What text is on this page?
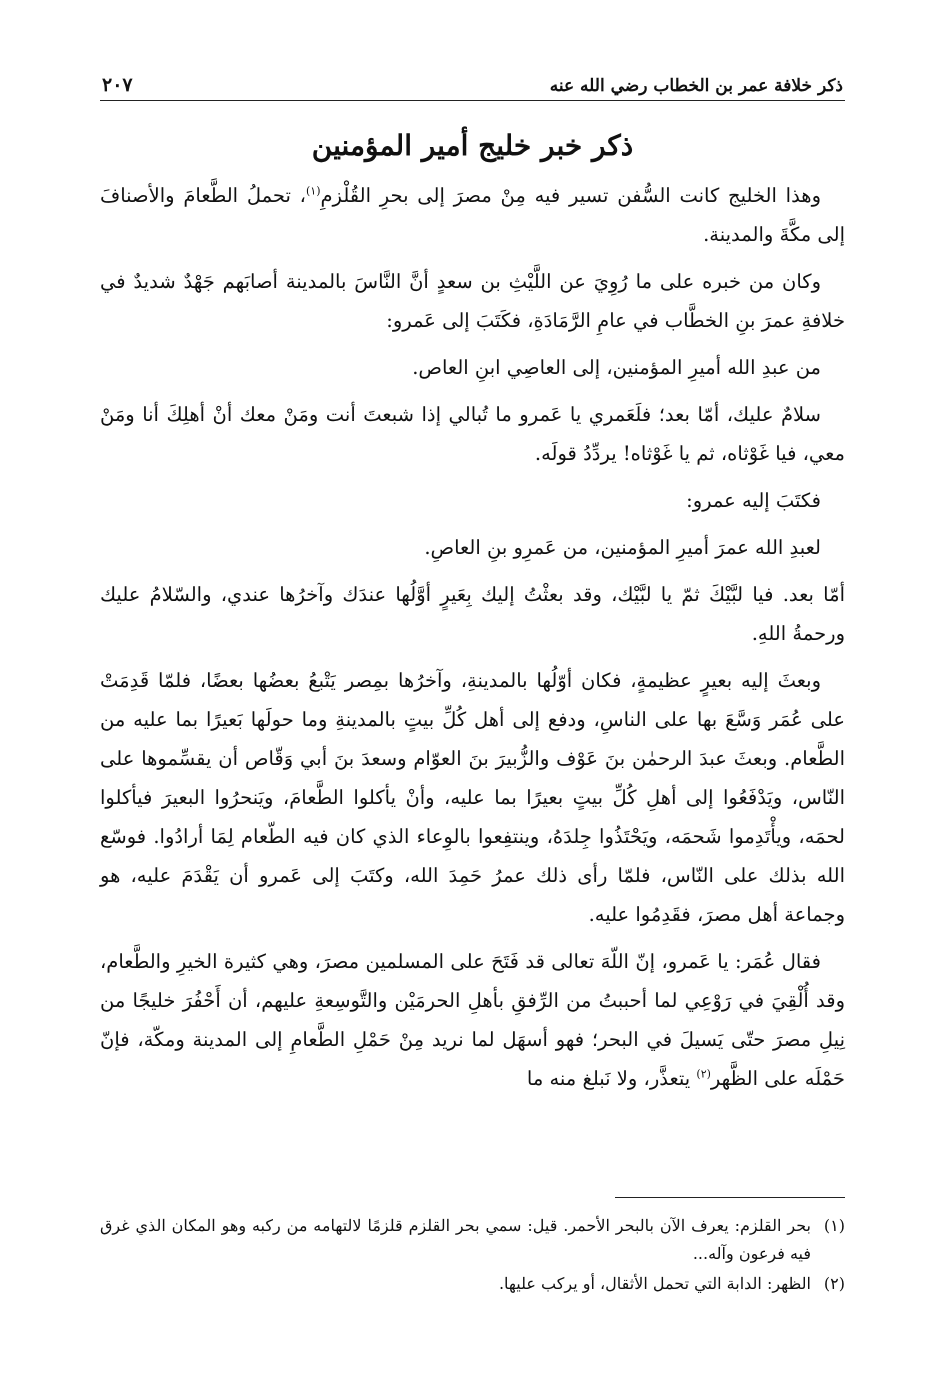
ذكر خلافة عمر بن الخطاب رضي الله عنه
٢٠٧
ذكر خبر خليج أمير المؤمنين

وهذا الخليج كانت السُّفن تسير فيه مِنْ مصرَ إلى بحرِ القُلْزمِ$^{(١)}$، تحملُ الطَّعامَ والأصنافَ إلى مكَّةَ والمدينة.

وكان من خبره على ما رُوِيَ عن اللَّيْثِ بن سعدٍ أنَّ النَّاسَ بالمدينة أصابَهم جَهْدٌ شديدٌ في خلافةِ عمرَ بنِ الخطَّاب في عامِ الرَّمَادَةِ، فكَتَبَ إلى عَمرو:

من عبدِ الله أميرِ المؤمنين، إلى العاصِي ابنِ العاص.

سلامٌ عليك، أمّا بعد؛ فلَعَمري يا عَمرو ما تُبالي إذا شبعتَ أنت ومَنْ معك أنْ أهلِكَ أنا ومَنْ معي، فيا غَوْثاه، ثم يا غَوْثاه! يردِّدُ قولَه.

فكتَبَ إليه عمرو:

لعبدِ الله عمرَ أميرِ المؤمنين، من عَمرِو بنِ العاصِ.

أمّا بعد. فيا لبَّيْكَ ثمّ يا لبَّيْك، وقد بعثْتُ إليك بِعَيرٍ أوَّلُها عندَك وآخرُها عندي، والسّلامُ عليك ورحمةُ اللهِ.

وبعثَ إليه بعيرٍ عظيمةٍ، فكان أوّلُها بالمدينةِ، وآخرُها بمِصر يَتْبعُ بعضُها بعضًا، فلمّا قَدِمَتْ على عُمَر وَسَّعَ بها على الناسِ، ودفع إلى أهل كُلِّ بيتٍ بالمدينةِ وما حولَها بَعيرًا بما عليه من الطَّعام. وبعثَ عبدَ الرحمٰن بنَ عَوْف والزُّبيرَ بنَ العوّام وسعدَ بنَ أبي وَقّاص أن يقسِّموها على النّاس، ويَدْفَعُوا إلى أهلِ كُلِّ بيتٍ بعيرًا بما عليه، وأنْ يأكلوا الطَّعامَ، ويَنحرُوا البعيرَ فيأكلوا لحمَه، ويأْتَدِموا شَحمَه، ويَحْتَذُوا جِلدَهُ، وينتفِعوا بالوِعاء الذي كان فيه الطّعام لِمَا أرادُوا. فوسّع الله بذلك على النّاس، فلمّا رأى ذلك عمرُ حَمِدَ الله، وكتَبَ إلى عَمرو أن يَقْدَمَ عليه، هو وجماعة أهل مصرَ، فقَدِمُوا عليه.

فقال عُمَر: يا عَمرو، إنّ اللّهَ تعالى قد فَتَحَ على المسلمين مصرَ، وهي كثيرة الخيرِ والطَّعام، وقد أُلْقِيَ في رَوْعِي لما أحببتُ من الرِّفقِ بأهلِ الحرمَيْن والتَّوسِعةِ عليهم، أن أَحْفُرَ خليجًا من نِيلِ مصرَ حتّى يَسيلَ في البحر؛ فهو أسهَل لما نريد مِنْ حَمْلِ الطَّعامِ إلى المدينة ومكّة، فإنّ حَمْلَه على الظَّهر$^{(٢)}$ يتعذَّر، ولا نَبلغ منه ما

(١)
بحر القلزم: يعرف الآن بالبحر الأحمر. قيل: سمي بحر القلزم قلزمًا لالتهامه من ركبه وهو المكان الذي غرق فيه فرعون وآله...
(٢)
الظهر: الدابة التي تحمل الأثقال، أو يركب عليها.
